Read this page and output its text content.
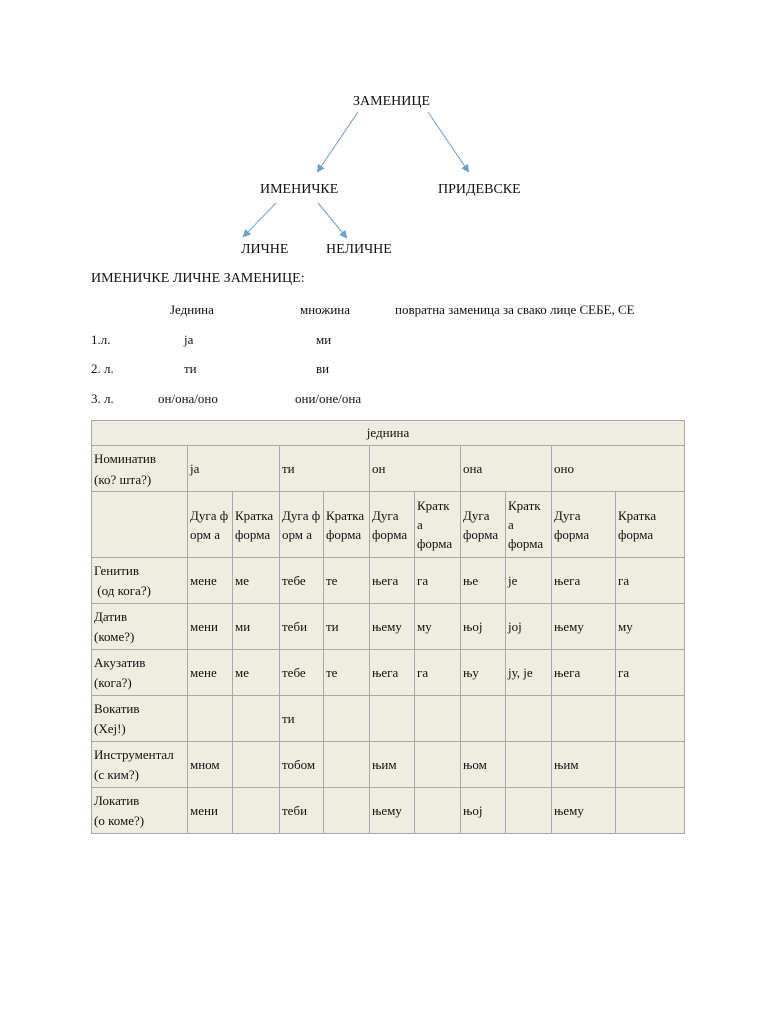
ЗАМЕНИЦЕ
ИМЕНИЧКЕ	ПРИДЕВСКЕ
ЛИЧНЕ	НЕЛИЧНЕ
ИМЕНИЧКЕ ЛИЧНЕ ЗАМЕНИЦЕ:
Једнина	множина	повратна заменица за свако лице СЕБЕ, СЕ
1.л.	ја	ми
2. л.	ти	ви
3. л.	он/она/оно	они/оне/она
једнина										
Номинатив
(ко? шта?)	ја		ти		он		она		оно	
	Дуга форм а	Кратка форма	Дуга форм а	Кратка форма	Дуга форма	Кратк а форма	Дуга форма	Кратк а форма	Дуга форма	Кратка форма
Генитив
(од кога?)	мене	ме	тебе	те	њега	га	ње	је	њега	га
Датив
(коме?)	мени	ми	теби	ти	њему	му	њој	јој	њему	му
Акузатив
(кога?)	мене	ме	тебе	те	њега	га	њу	ју, је	њега	га
Вокатив
(Хеј!)			ти							
Инструментал
(с ким?)	мном		тобом		њим		њом		њим	
Локатив
(о коме?)	мени		теби		њему		њој		њему	
